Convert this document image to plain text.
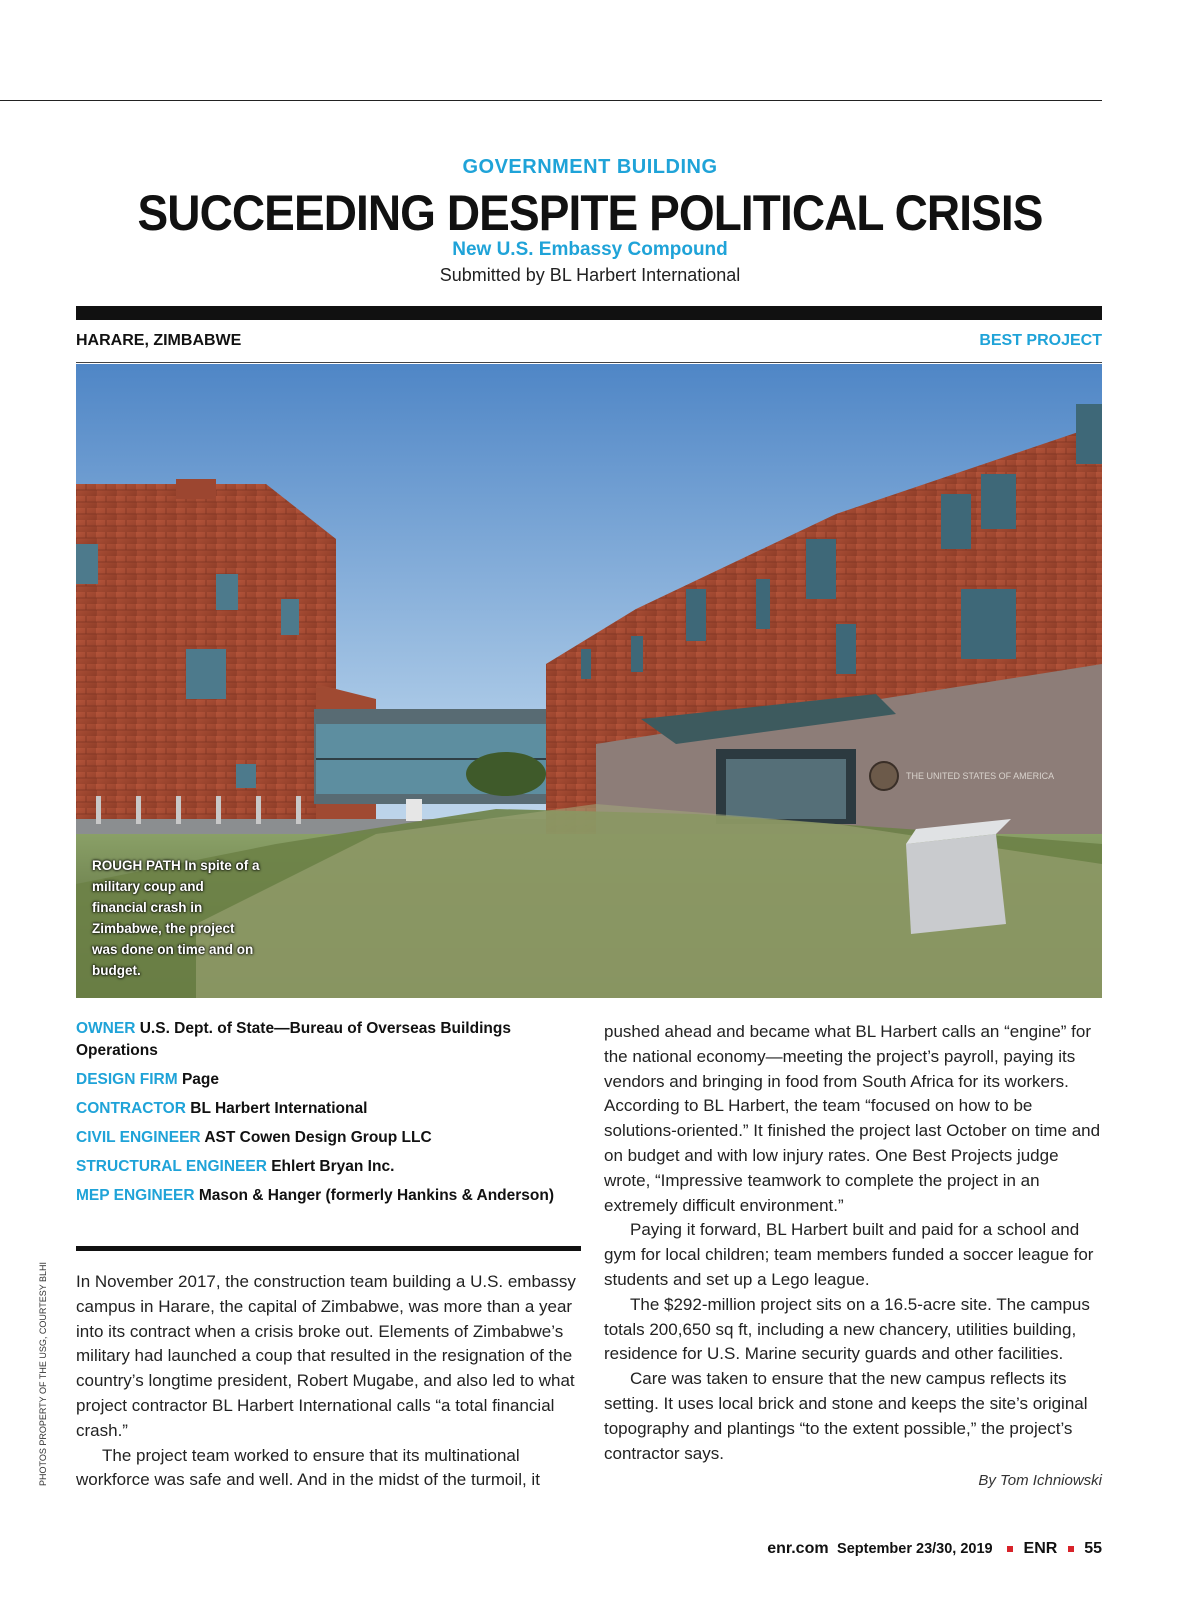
GOVERNMENT BUILDING
SUCCEEDING DESPITE POLITICAL CRISIS
New U.S. Embassy Compound
Submitted by BL Harbert International
HARARE, ZIMBABWE	BEST PROJECT
THE UNITED STATES OF AMERICA
ROUGH PATH In spite of a military coup and financial crash in Zimbabwe, the project was done on time and on budget.
OWNER U.S. Dept. of State—Bureau of Overseas Buildings Operations
DESIGN FIRM Page
CONTRACTOR BL Harbert International
CIVIL ENGINEER AST Cowen Design Group LLC
STRUCTURAL ENGINEER Ehlert Bryan Inc.
MEP ENGINEER Mason & Hanger (formerly Hankins & Anderson)

In November 2017, the construction team building a U.S. embassy campus in Harare, the capital of Zimbabwe, was more than a year into its contract when a crisis broke out. Elements of Zimbabwe’s military had launched a coup that resulted in the resignation of the country’s longtime president, Robert Mugabe, and also led to what project contractor BL Harbert International calls “a total financial crash.”

The project team worked to ensure that its multinational workforce was safe and well. And in the midst of the turmoil, it

pushed ahead and became what BL Harbert calls an “engine” for the national economy—meeting the project’s payroll, paying its vendors and bringing in food from South Africa for its workers. According to BL Harbert, the team “focused on how to be solutions-oriented.” It finished the project last October on time and on budget and with low injury rates. One Best Projects judge wrote, “Impressive teamwork to complete the project in an extremely difficult environment.”

Paying it forward, BL Harbert built and paid for a school and gym for local children; team members funded a soccer league for students and set up a Lego league.

The $292-million project sits on a 16.5-acre site. The campus totals 200,650 sq ft, including a new chancery, utilities building, residence for U.S. Marine security guards and other facilities.

Care was taken to ensure that the new campus reflects its setting. It uses local brick and stone and keeps the site’s original topography and plantings “to the extent possible,” the project’s contractor says.

By Tom Ichniowski
PHOTOS PROPERTY OF THE USG, COURTESY BLHI
enr.com September 23/30, 2019 ENR 55
